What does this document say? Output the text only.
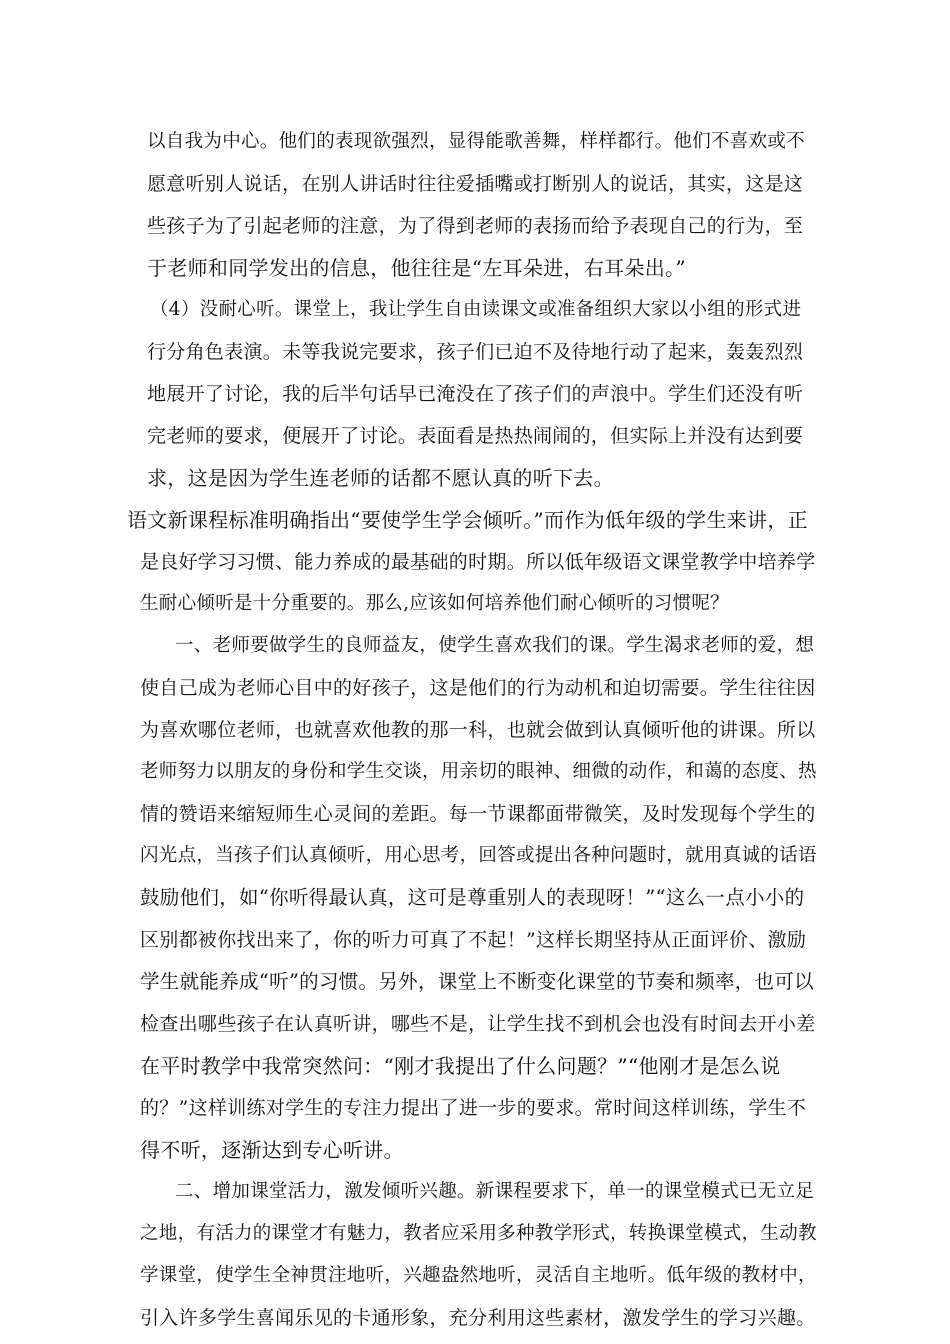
以自我为中心。他们的表现欲强烈，显得能歌善舞，样样都行。他们不喜欢或不
愿意听别人说话，在别人讲话时往往爱插嘴或打断别人的说话，其实，这是这
些孩子为了引起老师的注意，为了得到老师的表扬而给予表现自己的行为，至
于老师和同学发出的信息，他往往是“左耳朵进，右耳朵出。”
（4）没耐心听。课堂上，我让学生自由读课文或准备组织大家以小组的形式进
行分角色表演。未等我说完要求，孩子们已迫不及待地行动了起来，轰轰烈烈
地展开了讨论，我的后半句话早已淹没在了孩子们的声浪中。学生们还没有听
完老师的要求，便展开了讨论。表面看是热热闹闹的，但实际上并没有达到要
求，这是因为学生连老师的话都不愿认真的听下去。
语文新课程标准明确指出“要使学生学会倾听。”而作为低年级的学生来讲，正
是良好学习习惯、能力养成的最基础的时期。所以低年级语文课堂教学中培养学
生耐心倾听是十分重要的。那么,应该如何培养他们耐心倾听的习惯呢？
一、老师要做学生的良师益友，使学生喜欢我们的课。学生渴求老师的爱，想
使自己成为老师心目中的好孩子，这是他们的行为动机和迫切需要。学生往往因
为喜欢哪位老师，也就喜欢他教的那一科，也就会做到认真倾听他的讲课。所以
老师努力以朋友的身份和学生交谈，用亲切的眼神、细微的动作，和蔼的态度、热
情的赞语来缩短师生心灵间的差距。每一节课都面带微笑，及时发现每个学生的
闪光点，当孩子们认真倾听，用心思考，回答或提出各种问题时，就用真诚的话语
鼓励他们，如“你听得最认真，这可是尊重别人的表现呀！”“这么一点小小的
区别都被你找出来了，你的听力可真了不起！”这样长期坚持从正面评价、激励
学生就能养成“听”的习惯。另外，课堂上不断变化课堂的节奏和频率，也可以
检查出哪些孩子在认真听讲，哪些不是，让学生找不到机会也没有时间去开小差
在平时教学中我常突然问：“刚才我提出了什么问题？”“他刚才是怎么说
的？”这样训练对学生的专注力提出了进一步的要求。常时间这样训练，学生不
得不听，逐渐达到专心听讲。
二、增加课堂活力，激发倾听兴趣。新课程要求下，单一的课堂模式已无立足
之地，有活力的课堂才有魅力，教者应采用多种教学形式，转换课堂模式，生动教
学课堂，使学生全神贯注地听，兴趣盎然地听，灵活自主地听。低年级的教材中，
引入许多学生喜闻乐见的卡通形象，充分利用这些素材，激发学生的学习兴趣。
